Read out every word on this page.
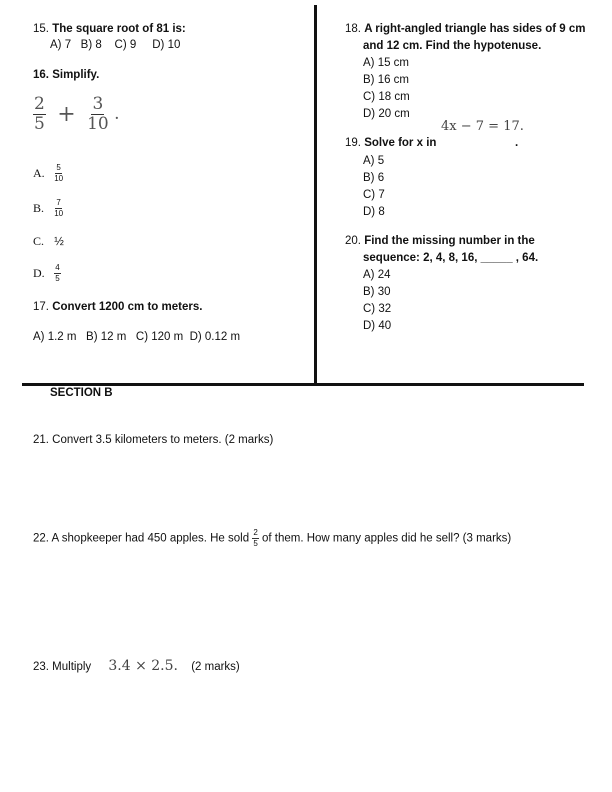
15. The square root of 81 is:
A) 7   B) 8    C) 9     D) 10
16. Simplify.
$\frac{2}{5} + \frac{3}{10}$ .
A. $\frac{5}{10}$
B. $\frac{7}{10}$
C. ½
D. $\frac{4}{5}$
17. Convert 1200 cm to meters.
A) 1.2 m   B) 12 m   C) 120 m  D) 0.12 m
18. A right-angled triangle has sides of 9 cm
and 12 cm. Find the hypotenuse.
A) 15 cm
B) 16 cm
C) 18 cm
D) 20 cm
4x − 7 = 17.
19. Solve for x in	.
A) 5
B) 6
C) 7
D) 8
20. Find the missing number in the
sequence: 2, 4, 8, 16, _____ , 64.
A) 24
B) 30
C) 32
D) 40
SECTION B
21. Convert 3.5 kilometers to meters. (2 marks)
22. A shopkeeper had 450 apples. He sold $\frac{2}{5}$ of them. How many apples did he sell? (3 marks)
23. Multiply 3.4 × 2.5. (2 marks)
